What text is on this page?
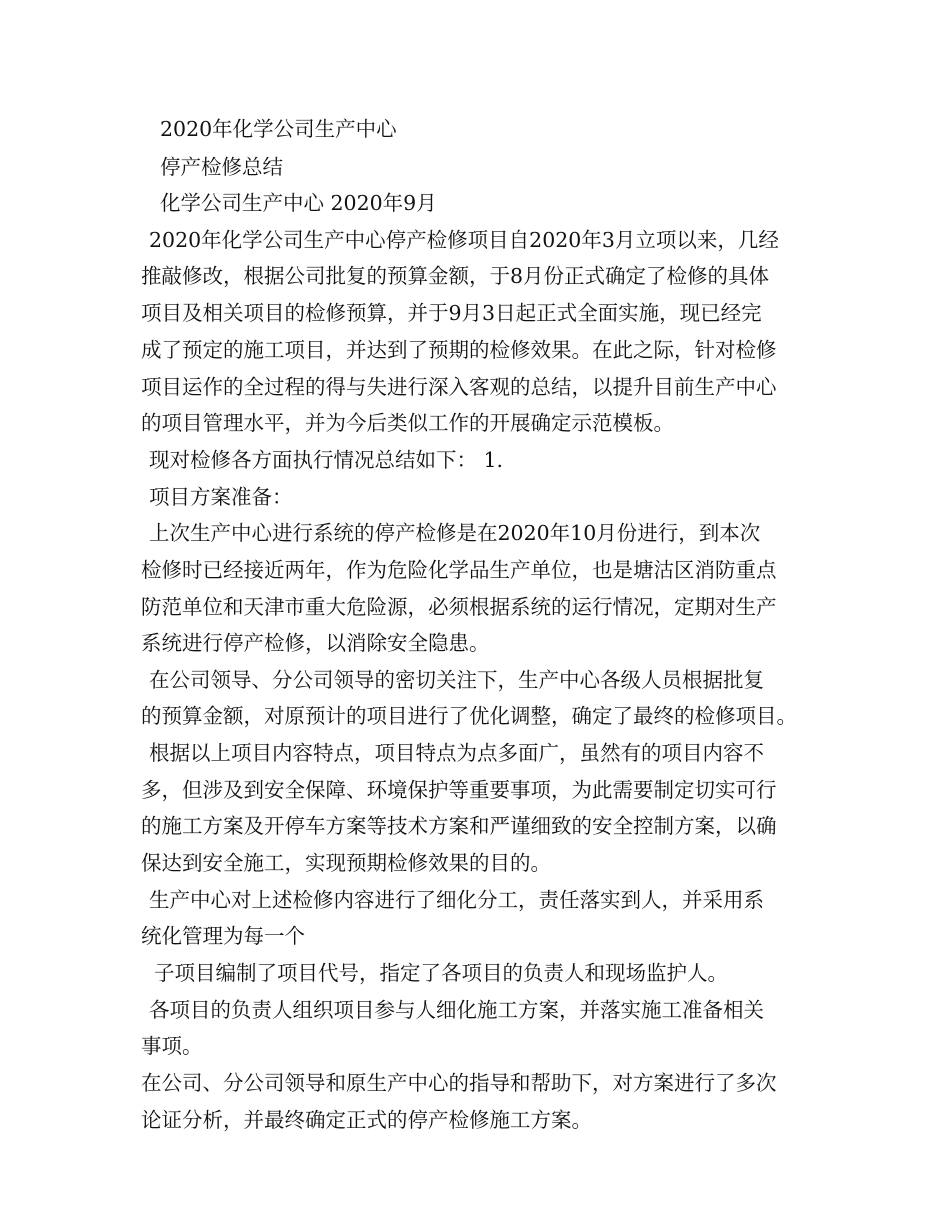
2020年化学公司生产中心
停产检修总结
化学公司生产中心 2020年9月
2020年化学公司生产中心停产检修项目自2020年3月立项以来，几经
推敲修改，根据公司批复的预算金额，于8月份正式确定了检修的具体
项目及相关项目的检修预算，并于9月3日起正式全面实施，现已经完
成了预定的施工项目，并达到了预期的检修效果。在此之际，针对检修
项目运作的全过程的得与失进行深入客观的总结，以提升目前生产中心
的项目管理水平，并为今后类似工作的开展确定示范模板。
现对检修各方面执行情况总结如下： 1.
项目方案准备：
上次生产中心进行系统的停产检修是在2020年10月份进行，到本次
检修时已经接近两年，作为危险化学品生产单位，也是塘沽区消防重点
防范单位和天津市重大危险源，必须根据系统的运行情况，定期对生产
系统进行停产检修，以消除安全隐患。
在公司领导、分公司领导的密切关注下，生产中心各级人员根据批复
的预算金额，对原预计的项目进行了优化调整，确定了最终的检修项目。
根据以上项目内容特点，项目特点为点多面广，虽然有的项目内容不
多，但涉及到安全保障、环境保护等重要事项，为此需要制定切实可行
的施工方案及开停车方案等技术方案和严谨细致的安全控制方案，以确
保达到安全施工，实现预期检修效果的目的。
生产中心对上述检修内容进行了细化分工，责任落实到人，并采用系
统化管理为每一个
子项目编制了项目代号，指定了各项目的负责人和现场监护人。
各项目的负责人组织项目参与人细化施工方案，并落实施工准备相关
事项。
在公司、分公司领导和原生产中心的指导和帮助下，对方案进行了多次
论证分析，并最终确定正式的停产检修施工方案。
